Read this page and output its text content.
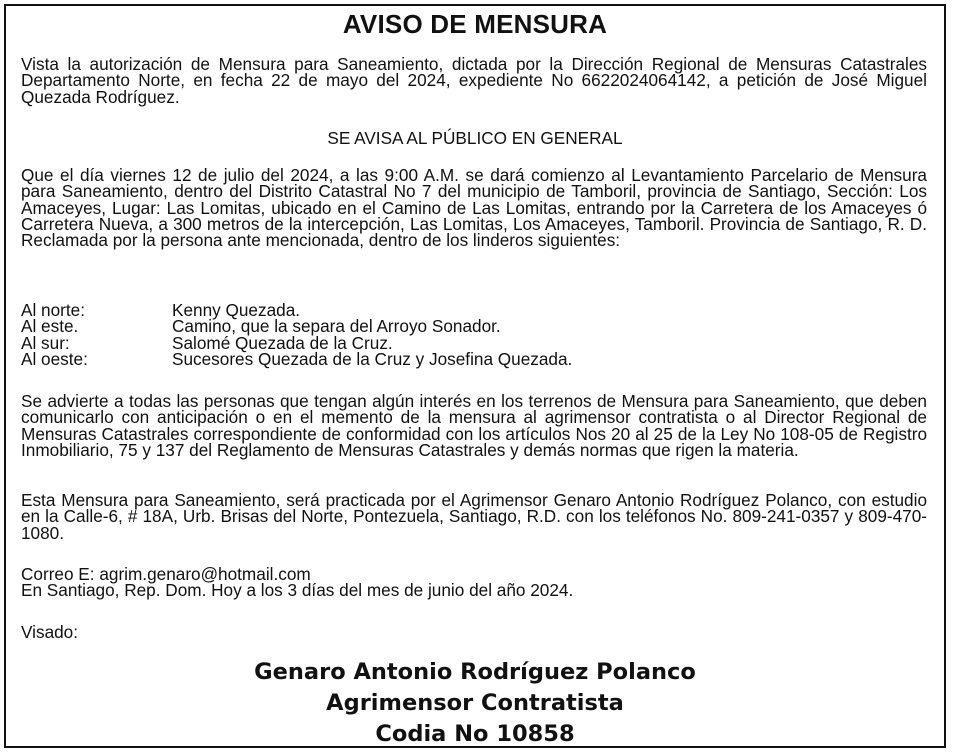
AVISO DE MENSURA

Vista la autorización de Mensura para Saneamiento, dictada por la Dirección Regional de Mensuras Catastrales Departamento Norte, en fecha 22 de mayo del 2024, expediente No 6622024064142, a petición de José Miguel Quezada Rodríguez.

SE AVISA AL PÚBLICO EN GENERAL

Que el día viernes 12 de julio del 2024, a las 9:00 A.M. se dará comienzo al Levantamiento Parcelario de Mensura para Saneamiento, dentro del Distrito Catastral No 7 del municipio de Tamboril, provincia de Santiago, Sección: Los Amaceyes, Lugar: Las Lomitas, ubicado en el Camino de Las Lomitas, entrando por la Carretera de los Amaceyes ó Carretera Nueva, a 300 metros de la intercepción, Las Lomitas, Los Amaceyes, Tamboril. Provincia de Santiago, R. D. Reclamada por la persona ante mencionada, dentro de los linderos siguientes:

Al norte:	Kenny Quezada.
Al este.	Camino, que la separa del Arroyo Sonador.
Al sur:	Salomé Quezada de la Cruz.
Al oeste:	Sucesores Quezada de la Cruz y Josefina Quezada.

Se advierte a todas las personas que tengan algún interés en los terrenos de Mensura para Saneamiento, que deben comunicarlo con anticipación o en el memento de la mensura al agrimensor contratista o al Director Regional de Mensuras Catastrales correspondiente de conformidad con los artículos Nos 20 al 25 de la Ley No 108-05 de Registro Inmobiliario, 75 y 137 del Reglamento de Mensuras Catastrales y demás normas que rigen la materia.

Esta Mensura para Saneamiento, será practicada por el Agrimensor Genaro Antonio Rodríguez Polanco, con estudio en la Calle-6, # 18A, Urb. Brisas del Norte, Pontezuela, Santiago, R.D. con los teléfonos No. 809-241-0357 y 809-470-1080.

Correo E: agrim.genaro@hotmail.com
En Santiago, Rep. Dom. Hoy a los 3 días del mes de junio del año 2024.
Visado:
Genaro Antonio Rodríguez Polanco
Agrimensor Contratista
Codia No 10858
